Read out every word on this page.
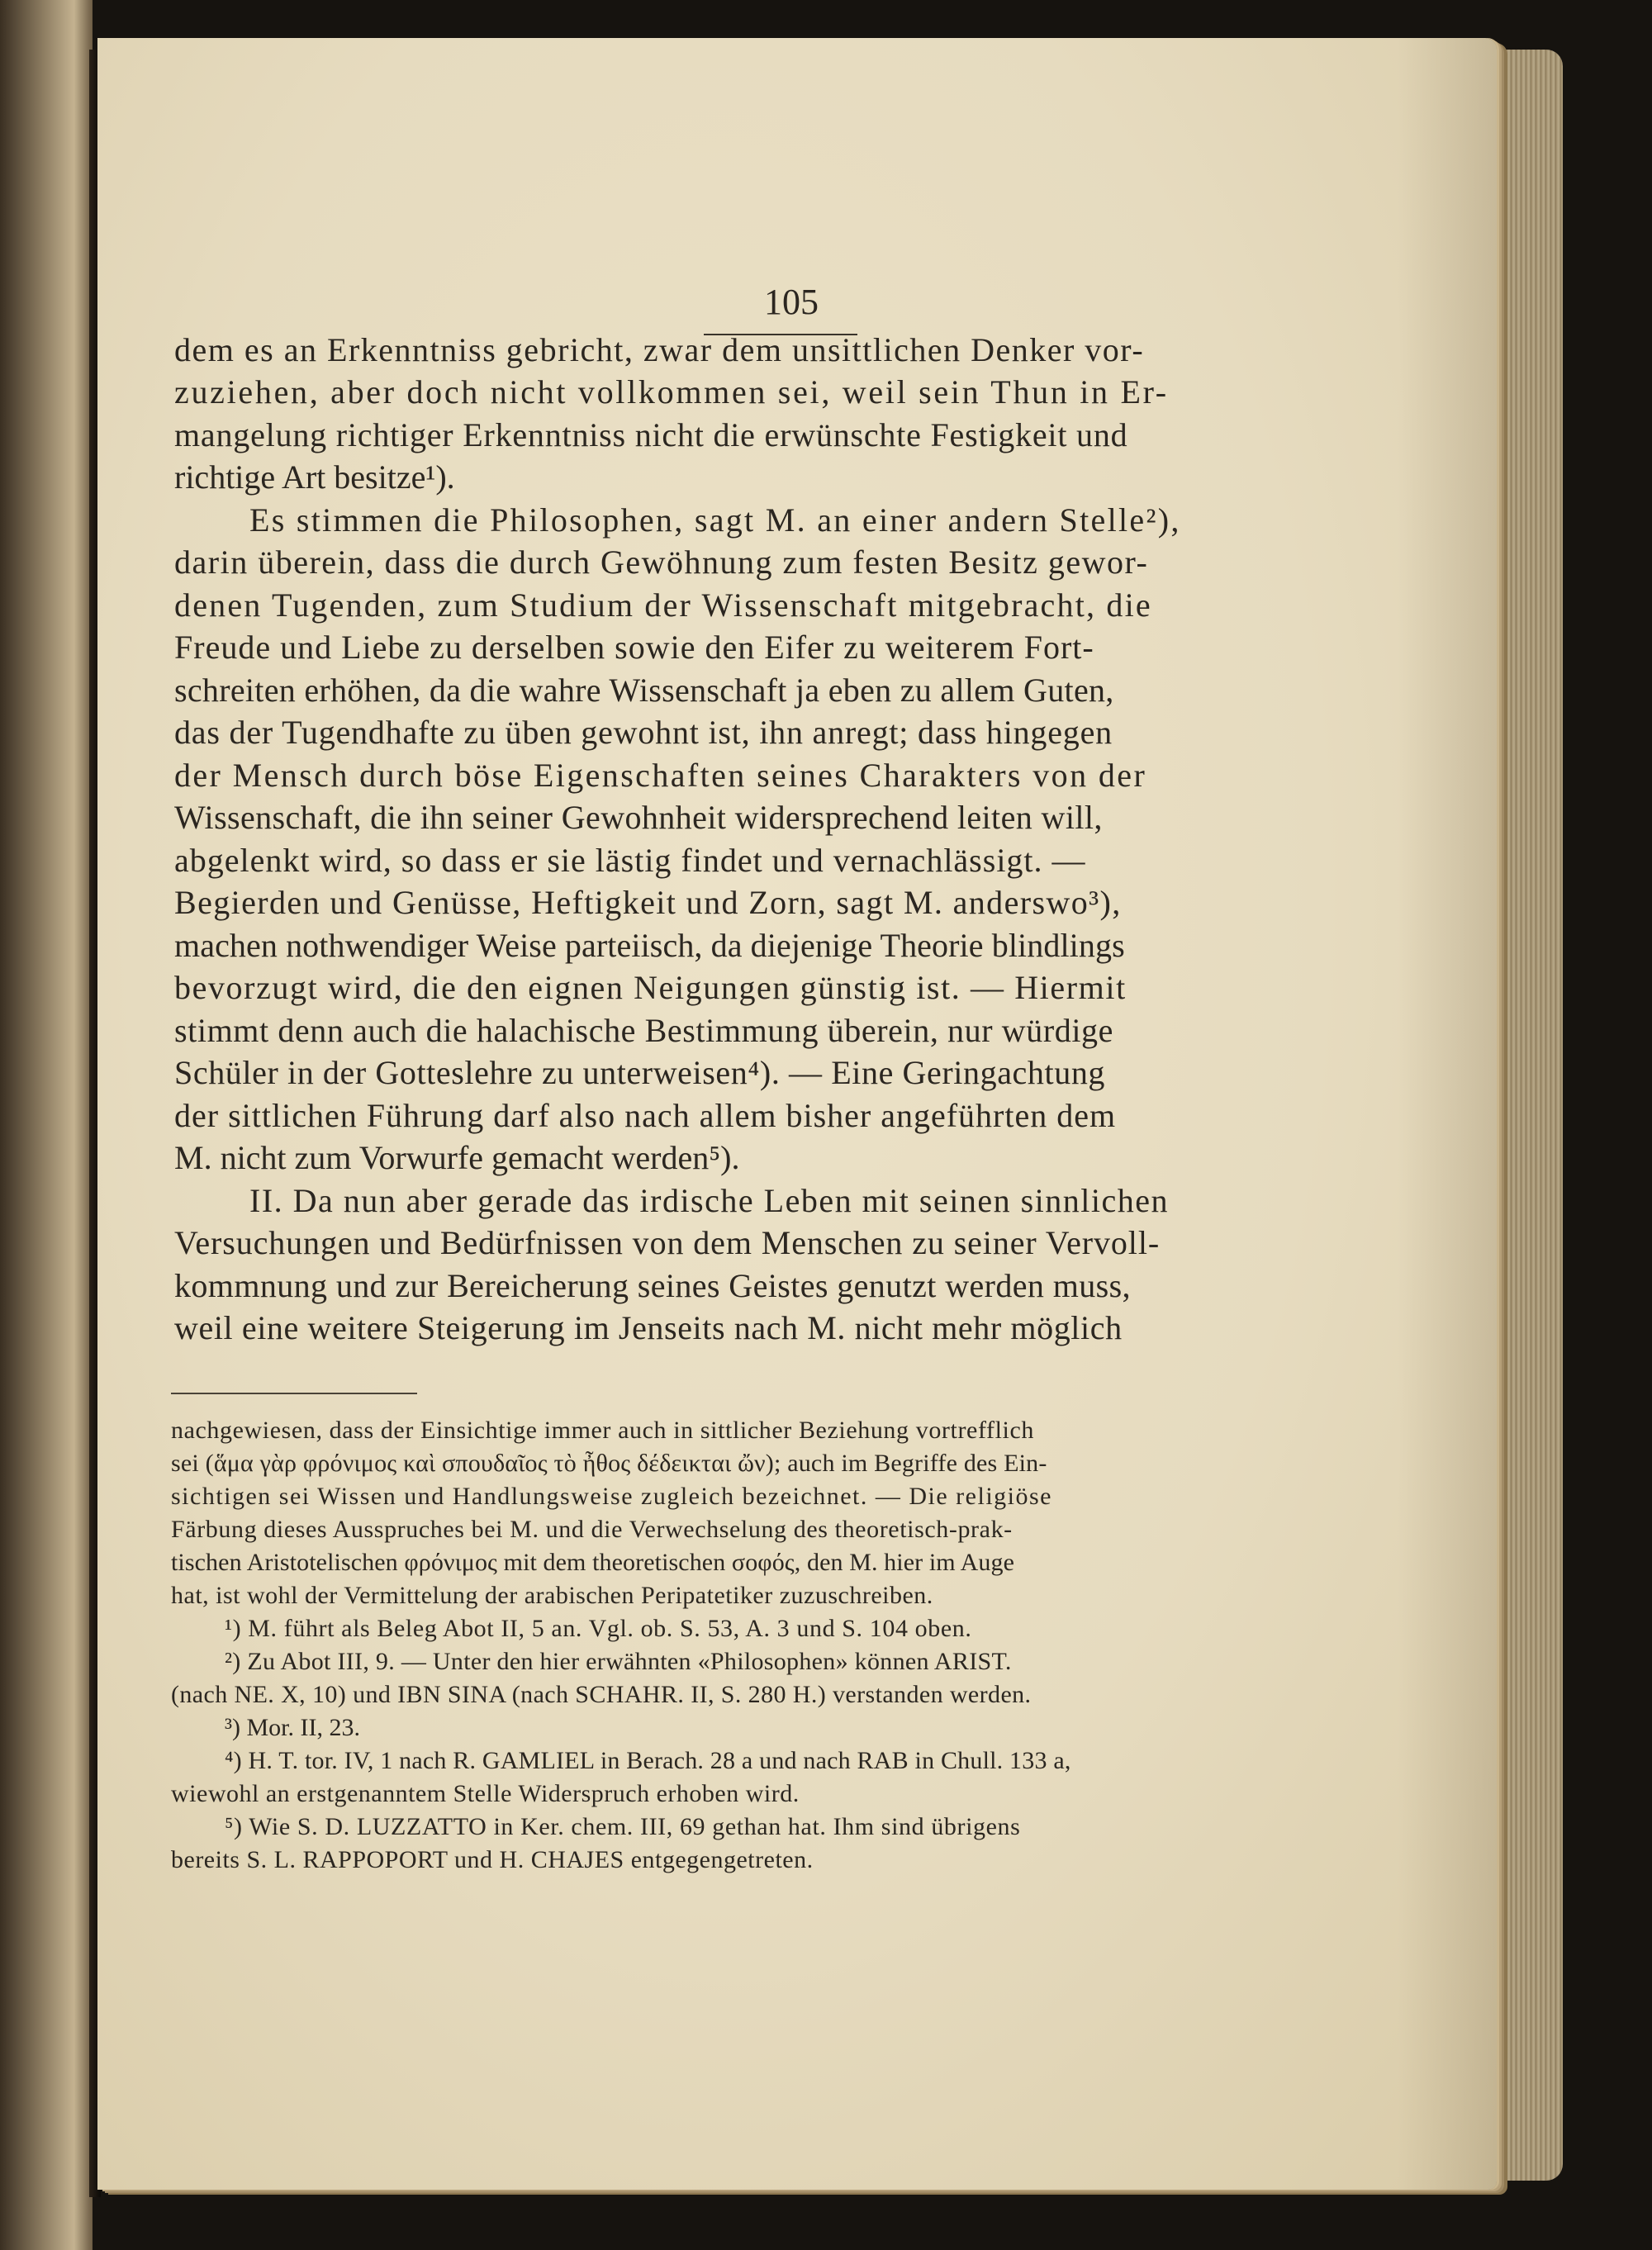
105

dem es an Erkenntniss gebricht, zwar dem unsittlichen Denker vor-

zuziehen, aber doch nicht vollkommen sei, weil sein Thun in Er-

mangelung richtiger Erkenntniss nicht die erwünschte Festigkeit und

richtige Art besitze¹).

Es stimmen die Philosophen, sagt M. an einer andern Stelle²),

darin überein, dass die durch Gewöhnung zum festen Besitz gewor-

denen Tugenden, zum Studium der Wissenschaft mitgebracht, die

Freude und Liebe zu derselben sowie den Eifer zu weiterem Fort-

schreiten erhöhen, da die wahre Wissenschaft ja eben zu allem Guten,

das der Tugendhafte zu üben gewohnt ist, ihn anregt; dass hingegen

der Mensch durch böse Eigenschaften seines Charakters von der

Wissenschaft, die ihn seiner Gewohnheit widersprechend leiten will,

abgelenkt wird, so dass er sie lästig findet und vernachlässigt. —

Begierden und Genüsse, Heftigkeit und Zorn, sagt M. anderswo³),

machen nothwendiger Weise parteiisch, da diejenige Theorie blindlings

bevorzugt wird, die den eignen Neigungen günstig ist. — Hiermit

stimmt denn auch die halachische Bestimmung überein, nur würdige

Schüler in der Gotteslehre zu unterweisen⁴). — Eine Geringachtung

der sittlichen Führung darf also nach allem bisher angeführten dem

M. nicht zum Vorwurfe gemacht werden⁵).

II. Da nun aber gerade das irdische Leben mit seinen sinnlichen

Versuchungen und Bedürfnissen von dem Menschen zu seiner Vervoll-

kommnung und zur Bereicherung seines Geistes genutzt werden muss,

weil eine weitere Steigerung im Jenseits nach M. nicht mehr möglich

nachgewiesen, dass der Einsichtige immer auch in sittlicher Beziehung vortrefflich

sei (ἅμα γὰρ φρόνιμος καὶ σπουδαῖος τὸ ἦθος δέδεικται ὤν); auch im Begriffe des Ein-

sichtigen sei Wissen und Handlungsweise zugleich bezeichnet. — Die religiöse

Färbung dieses Ausspruches bei M. und die Verwechselung des theoretisch-prak-

tischen Aristotelischen φρόνιμος mit dem theoretischen σοφός, den M. hier im Auge

hat, ist wohl der Vermittelung der arabischen Peripatetiker zuzuschreiben.

¹) M. führt als Beleg Abot II, 5 an. Vgl. ob. S. 53, A. 3 und S. 104 oben.

²) Zu Abot III, 9. — Unter den hier erwähnten «Philosophen» können ARIST.

(nach NE. X, 10) und IBN SINA (nach SCHAHR. II, S. 280 H.) verstanden werden.

³) Mor. II, 23.

⁴) H. T. tor. IV, 1 nach R. GAMLIEL in Berach. 28 a und nach RAB in Chull. 133 a,

wiewohl an erstgenanntem Stelle Widerspruch erhoben wird.

⁵) Wie S. D. LUZZATTO in Ker. chem. III, 69 gethan hat. Ihm sind übrigens

bereits S. L. RAPPOPORT und H. CHAJES entgegengetreten.
